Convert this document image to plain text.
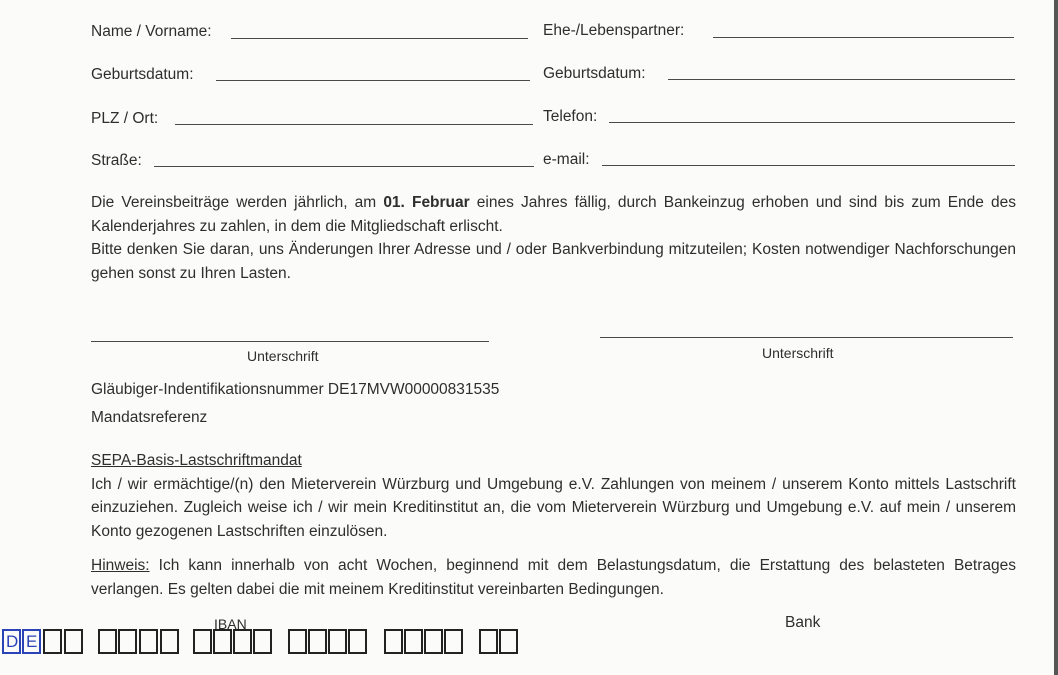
Name / Vorname:	Ehe-/Lebenspartner:
Geburtsdatum:	Geburtsdatum:
PLZ / Ort:	Telefon:
Straße:	e-mail:

Die Vereinsbeiträge werden jährlich, am 01. Februar eines Jahres fällig, durch Bankeinzug erhoben und sind bis zum Ende des Kalenderjahres zu zahlen, in dem die Mitgliedschaft erlischt.

Bitte denken Sie daran, uns Änderungen Ihrer Adresse und / oder Bankverbindung mitzuteilen; Kosten notwendiger Nachforschungen gehen sonst zu Ihren Lasten.

Unterschrift	Unterschrift
Gläubiger-Indentifikationsnummer DE17MVW00000831535
Mandatsreferenz

SEPA-Basis-Lastschriftmandat

Ich / wir ermächtige/(n) den Mieterverein Würzburg und Umgebung e.V. Zahlungen von meinem / unserem Konto mittels Lastschrift einzuziehen. Zugleich weise ich / wir mein Kreditinstitut an, die vom Mieterverein Würzburg und Umgebung e.V. auf mein / unserem Konto gezogenen Lastschriften einzulösen.

Hinweis: Ich kann innerhalb von acht Wochen, beginnend mit dem Belastungsdatum, die Erstattung des belasteten Betrages verlangen. Es gelten dabei die mit meinem Kreditinstitut vereinbarten Bedingungen.

IBAN	Bank
D E
